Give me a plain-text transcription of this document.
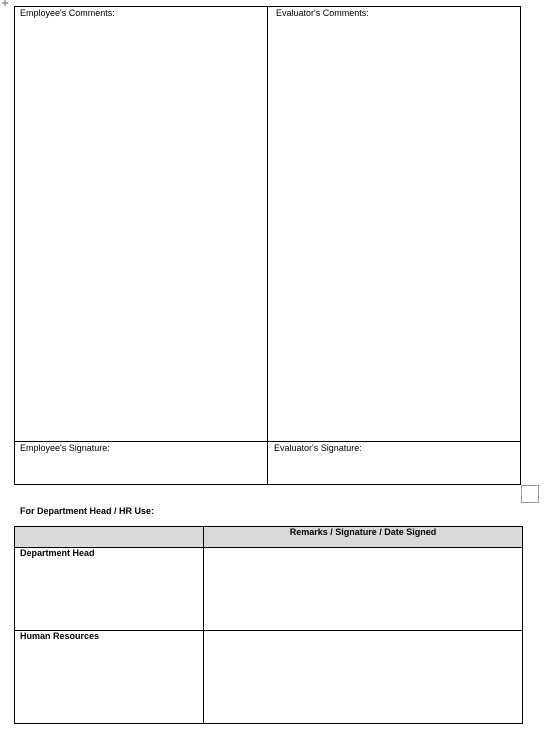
Employee's Comments:	Evaluator's Comments:
Employee's Signature:	Evaluator's Signature:
For Department Head / HR Use:
Remarks / Signature / Date Signed
Department Head
Human Resources
